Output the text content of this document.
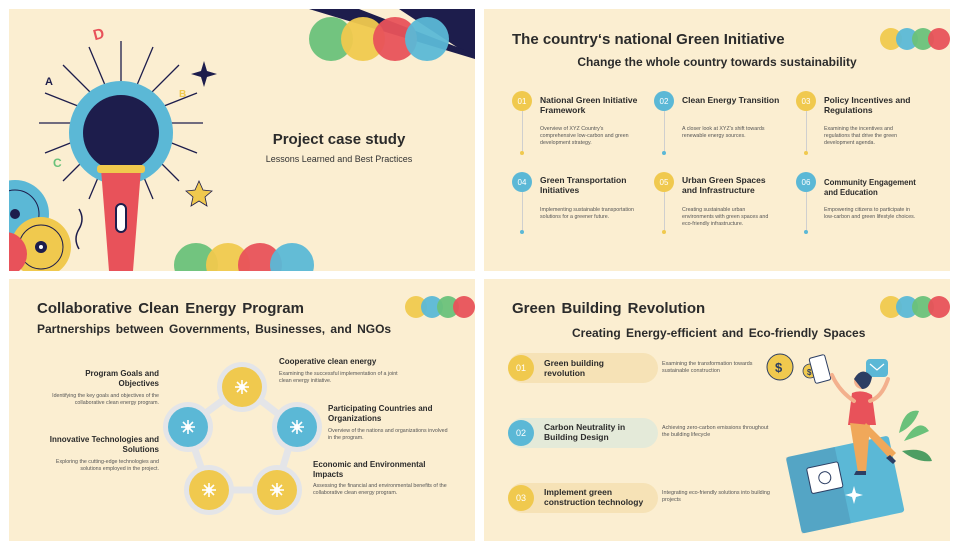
D
A
B
C
Project case study
Lessons Learned and Best Practices
The country‘s national Green Initiative
Change the whole country towards sustainability
01	National Green Initiative Framework
Overview of XYZ Country's comprehensive low-carbon and green development strategy.
02	Clean Energy Transition
A closer look at XYZ's shift towards renewable energy sources.
03	Policy Incentives and Regulations
Examining the incentives and regulations that drive the green development agenda.
04	Green Transportation Initiatives
Implementing sustainable transportation solutions for a greener future.
05	Urban Green Spaces and Infrastructure
Creating sustainable urban environments with green spaces and eco-friendly infrastructure.
06	Community Engagement and Education
Empowering citizens to participate in low-carbon and green lifestyle choices.
Collaborative Clean Energy Program
Partnerships between Governments, Businesses, and NGOs
Program Goals and Objectives
Identifying the key goals and objectives of the collaborative clean energy program.
Innovative Technologies and Solutions
Exploring the cutting-edge technologies and solutions employed in the project.
Cooperative clean energy
Examining the successful implementation of a joint clean energy initiative.
Participating Countries and Organizations
Overview of the nations and organizations involved in the program.
Economic and Environmental Impacts
Assessing the financial and environmental benefits of the collaborative clean energy program.
Green Building Revolution
Creating Energy-efficient and Eco-friendly Spaces
01	Green building revolution
Examining the transformation towards sustainable construction
02
Carbon Neutrality in Building Design
Achieving zero-carbon emissions throughout the building lifecycle
03
Implement green construction technology
Integrating eco-friendly solutions into building projects
$	$
